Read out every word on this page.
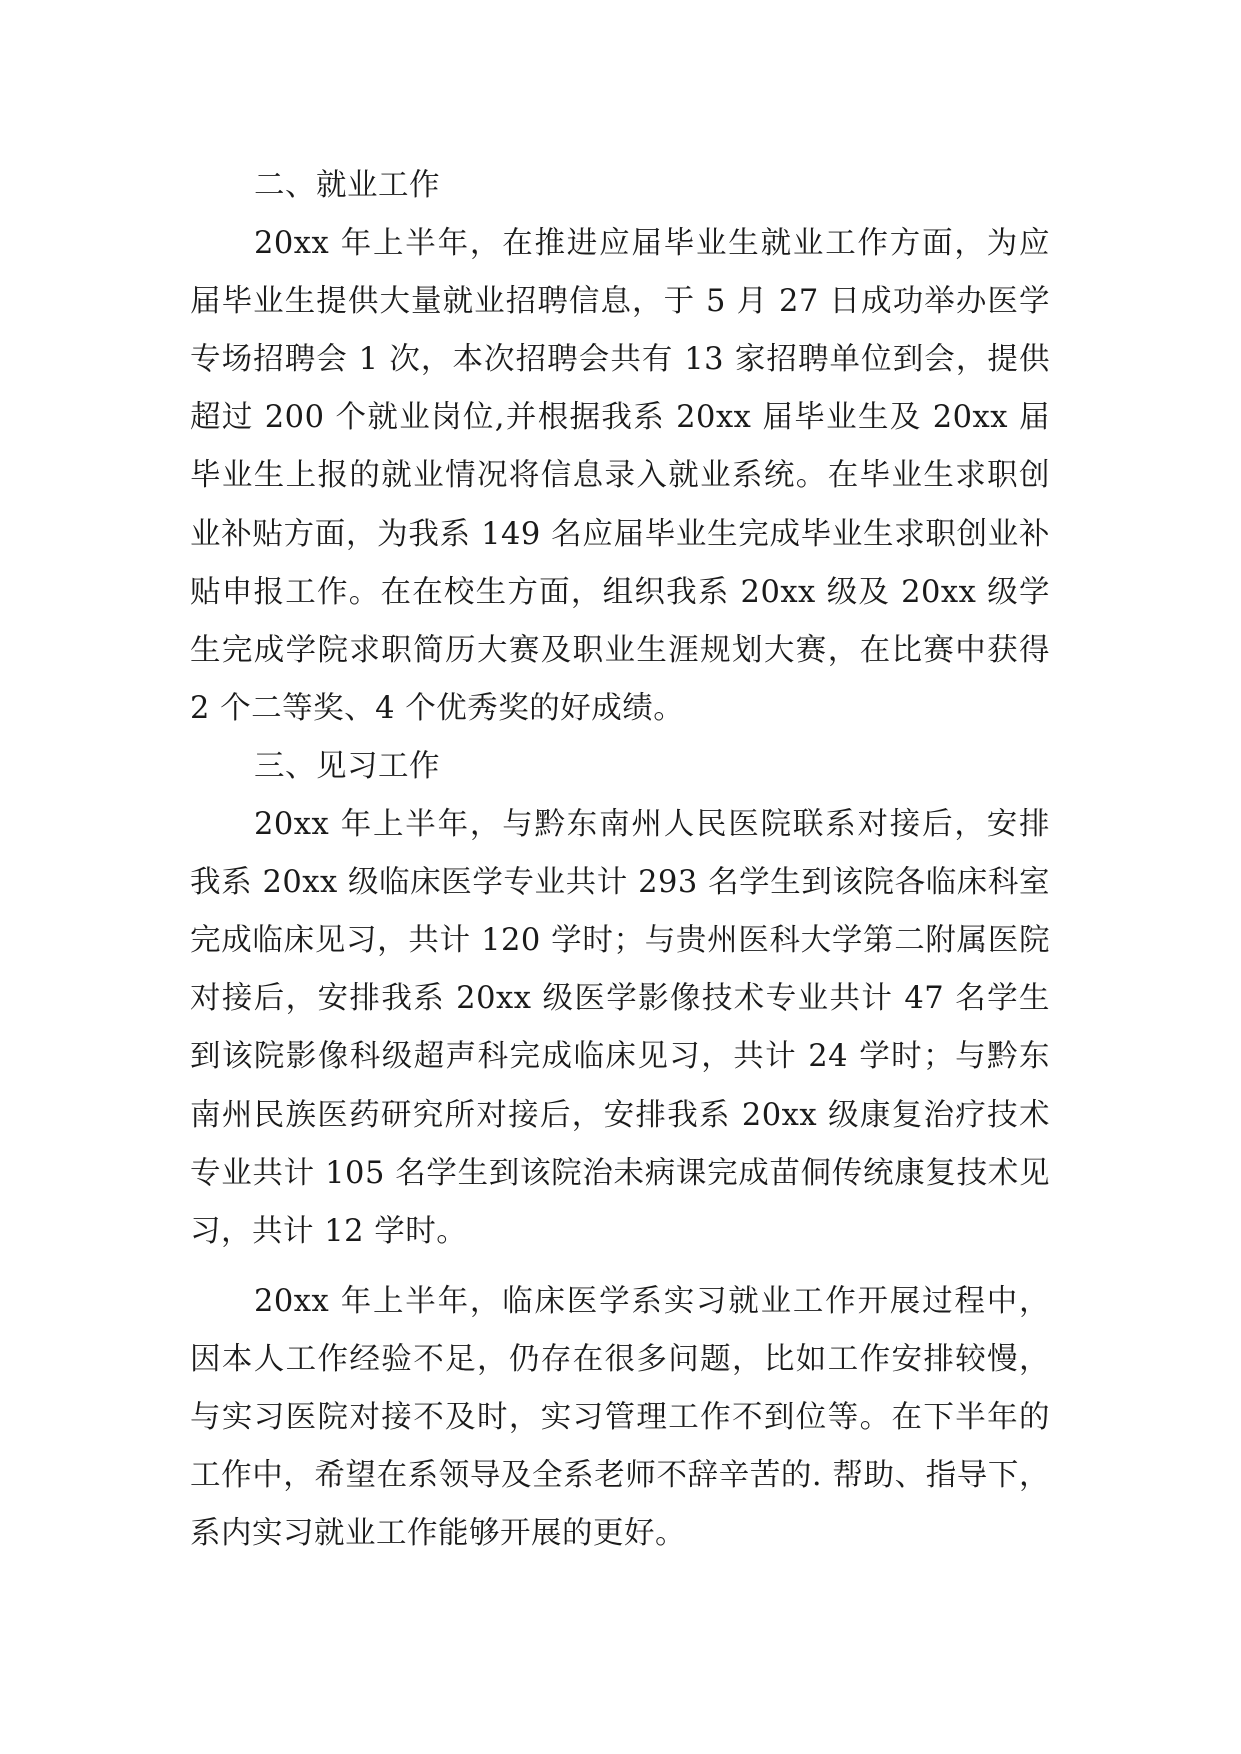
二、就业工作

20xx 年上半年，在推进应届毕业生就业工作方面，为应届毕业生提供大量就业招聘信息，于 5 月 27 日成功举办医学专场招聘会 1 次，本次招聘会共有 13 家招聘单位到会，提供超过 200 个就业岗位,并根据我系 20xx 届毕业生及 20xx 届毕业生上报的就业情况将信息录入就业系统。在毕业生求职创业补贴方面，为我系 149 名应届毕业生完成毕业生求职创业补贴申报工作。在在校生方面，组织我系 20xx 级及 20xx 级学生完成学院求职简历大赛及职业生涯规划大赛，在比赛中获得 2 个二等奖、4 个优秀奖的好成绩。

三、见习工作

20xx 年上半年，与黔东南州人民医院联系对接后，安排我系 20xx 级临床医学专业共计 293 名学生到该院各临床科室完成临床见习，共计 120 学时；与贵州医科大学第二附属医院对接后，安排我系 20xx 级医学影像技术专业共计 47 名学生到该院影像科级超声科完成临床见习，共计 24 学时；与黔东南州民族医药研究所对接后，安排我系 20xx 级康复治疗技术专业共计 105 名学生到该院治未病课完成苗侗传统康复技术见习，共计 12 学时。

20xx 年上半年，临床医学系实习就业工作开展过程中，因本人工作经验不足，仍存在很多问题，比如工作安排较慢，与实习医院对接不及时，实习管理工作不到位等。在下半年的工作中，希望在系领导及全系老师不辞辛苦的. 帮助、指导下，系内实习就业工作能够开展的更好。
